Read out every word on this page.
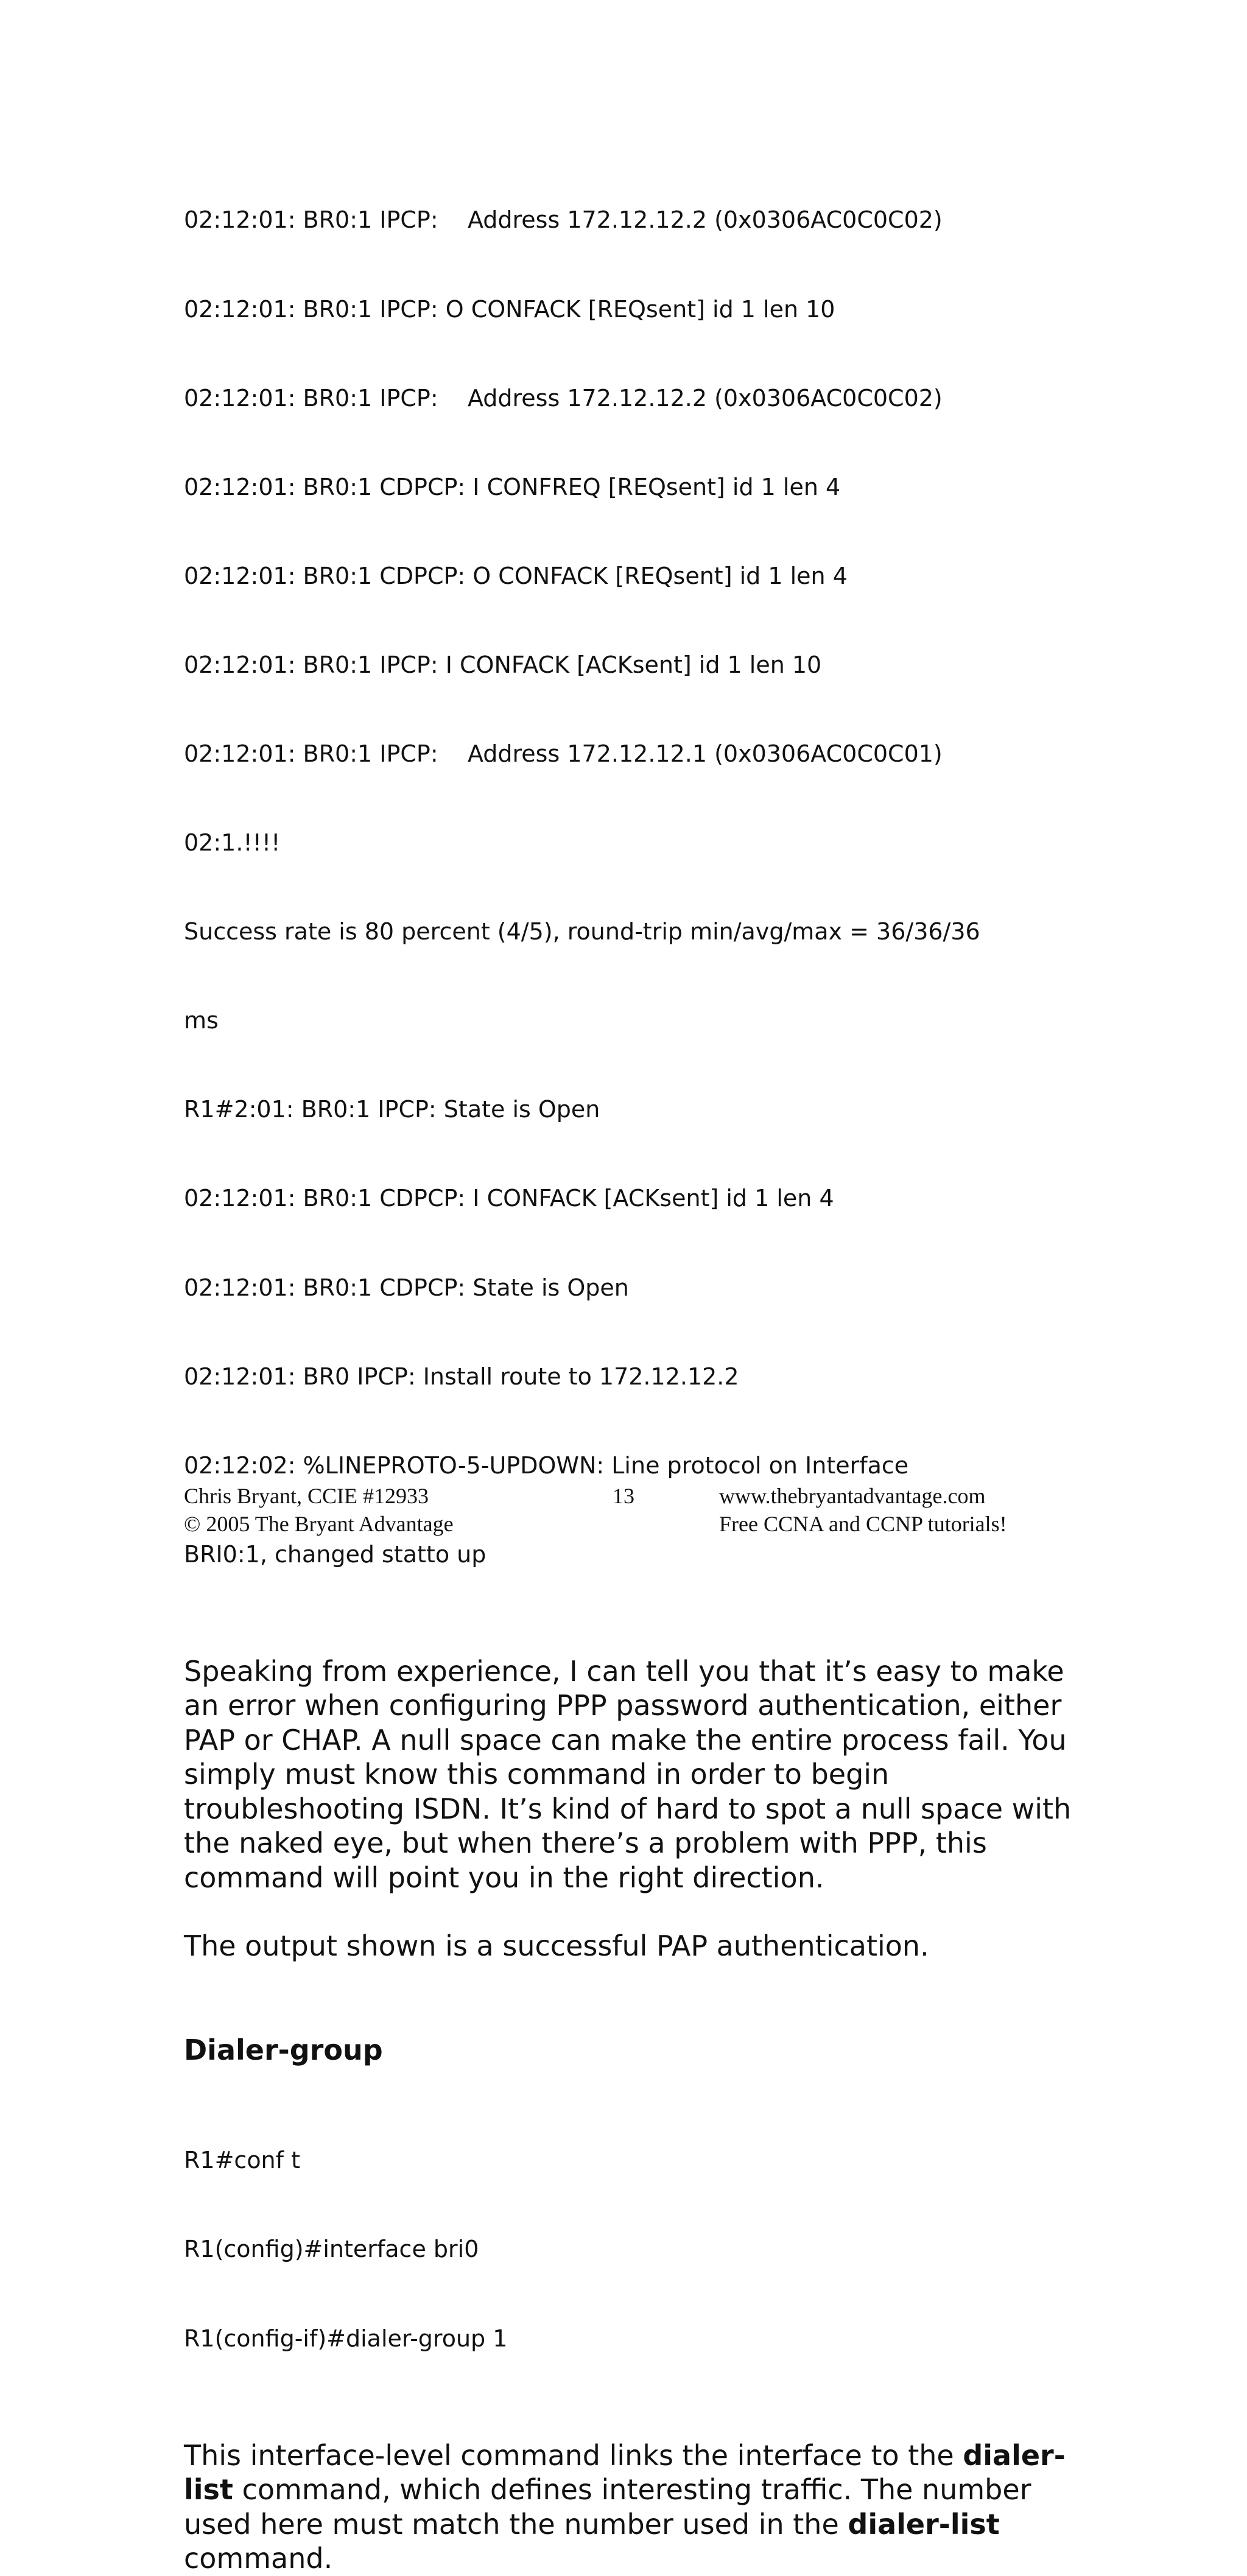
02:12:01: BR0:1 IPCP:    Address 172.12.12.2 (0x0306AC0C0C02)

02:12:01: BR0:1 IPCP: O CONFACK [REQsent] id 1 len 10

02:12:01: BR0:1 IPCP:    Address 172.12.12.2 (0x0306AC0C0C02)

02:12:01: BR0:1 CDPCP: I CONFREQ [REQsent] id 1 len 4

02:12:01: BR0:1 CDPCP: O CONFACK [REQsent] id 1 len 4

02:12:01: BR0:1 IPCP: I CONFACK [ACKsent] id 1 len 10

02:12:01: BR0:1 IPCP:    Address 172.12.12.1 (0x0306AC0C0C01)

02:1.!!!!

Success rate is 80 percent (4/5), round-trip min/avg/max = 36/36/36

ms

R1#2:01: BR0:1 IPCP: State is Open

02:12:01: BR0:1 CDPCP: I CONFACK [ACKsent] id 1 len 4

02:12:01: BR0:1 CDPCP: State is Open

02:12:01: BR0 IPCP: Install route to 172.12.12.2

02:12:02: %LINEPROTO-5-UPDOWN: Line protocol on Interface

BRI0:1, changed statto up

Speaking from experience, I can tell you that it’s easy to make an error when configuring PPP password authentication, either PAP or CHAP. A null space can make the entire process fail. You simply must know this command in order to begin troubleshooting ISDN. It’s kind of hard to spot a null space with the naked eye, but when there’s a problem with PPP, this command will point you in the right direction.

The output shown is a successful PAP authentication.

Dialer-group

R1#conf t

R1(config)#interface bri0

R1(config-if)#dialer-group 1

This interface-level command links the interface to the dialer-list command, which defines interesting traffic. The number used here must match the number used in the dialer-list command.

Chris Bryant, CCIE #12933
© 2005 The Bryant Advantage
13	www.thebryantadvantage.com
Free CCNA and CCNP tutorials!
